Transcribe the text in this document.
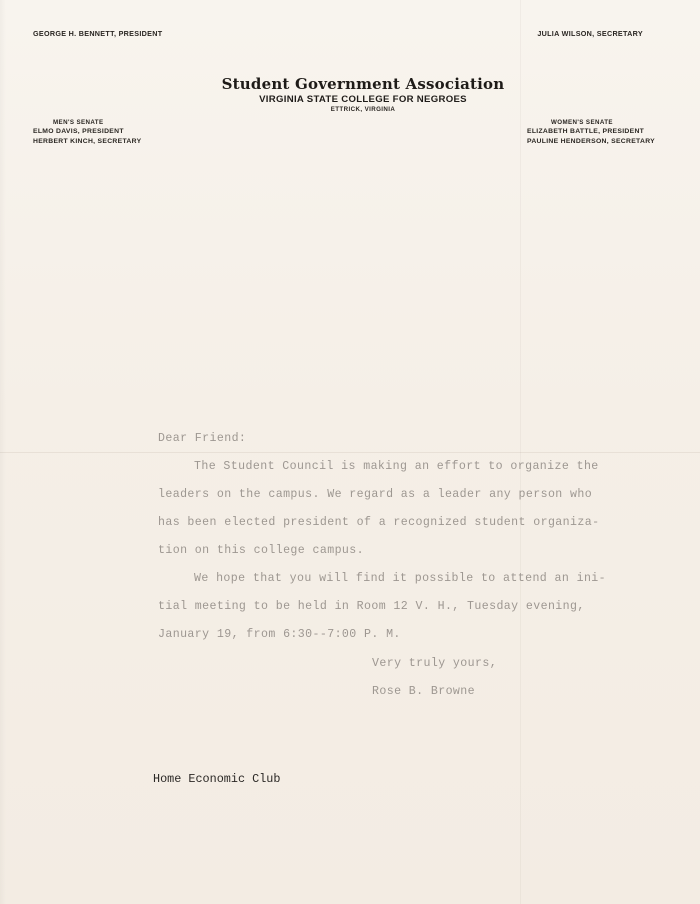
GEORGE H. BENNETT, PRESIDENT	JULIA WILSON, SECRETARY
Student Government Association
VIRGINIA STATE COLLEGE FOR NEGROES
ETTRICK, VIRGINIA
MEN'S SENATE
ELMO DAVIS, PRESIDENT
HERBERT KINCH, SECRETARY
WOMEN'S SENATE
ELIZABETH BATTLE, PRESIDENT
PAULINE HENDERSON, SECRETARY
Dear Friend:
The Student Council is making an effort to organize the
leaders on the campus. We regard as a leader any person who
has been elected president of a recognized student organiza-
tion on this college campus.
We hope that you will find it possible to attend an ini-
tial meeting to be held in Room 12 V. H., Tuesday evening,
January 19, from 6:30--7:00 P. M.
Very truly yours,
Rose B. Browne
Home Economic Club
